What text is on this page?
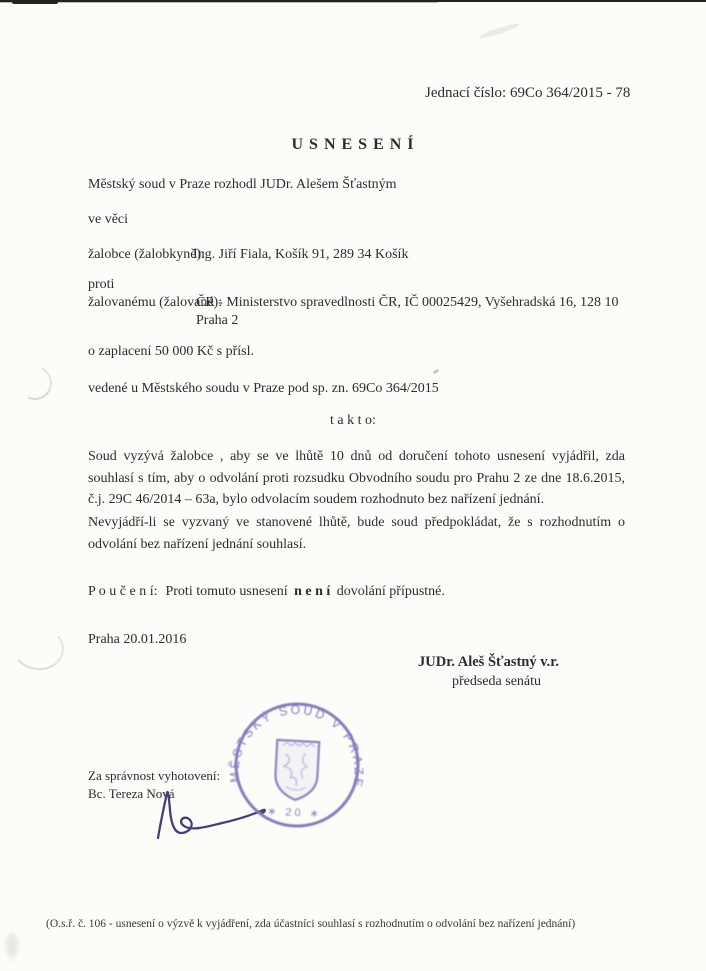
Jednací číslo: 69Co 364/2015 - 78
U S N E S E N Í
Městský soud v Praze rozhodl JUDr. Alešem Šťastným
ve věci
žalobce (žalobkyně):
Ing. Jiří Fiala, Košík 91, 289 34 Košík
proti
žalovanému (žalované):
ČR - Ministerstvo spravedlnosti ČR, IČ 00025429, Vyšehradská 16, 128 10
Praha 2
o zaplacení 50 000 Kč s přísl.
vedené u Městského soudu v Praze pod sp. zn. 69Co 364/2015
t a k t o:
Soud vyzývá žalobce , aby se ve lhůtě 10 dnů od doručení tohoto usnesení vyjádřil, zda souhlasí s tím, aby o odvolání proti rozsudku Obvodního soudu pro Prahu 2 ze dne 18.6.2015, č.j. 29C 46/2014 – 63a, bylo odvolacím soudem rozhodnuto bez nařízení jednání.
Nevyjádří-li se vyzvaný ve stanovené lhůtě, bude soud předpokládat, že s rozhodnutím o odvolání bez nařízení jednání souhlasí.
P o u č e n í: Proti tomuto usnesení n e n í dovolání přípustné.
Praha 20.01.2016
JUDr. Aleš Šťastný v.r.
předseda senátu
Za správnost vyhotovení:
Bc. Tereza Nová
MĚSTSKÝ SOUD V PRAZE
∗ 20 ∗
(O.s.ř. č. 106 - usnesení o výzvě k vyjádření, zda účastníci souhlasí s rozhodnutím o odvolání bez nařízení jednání)
